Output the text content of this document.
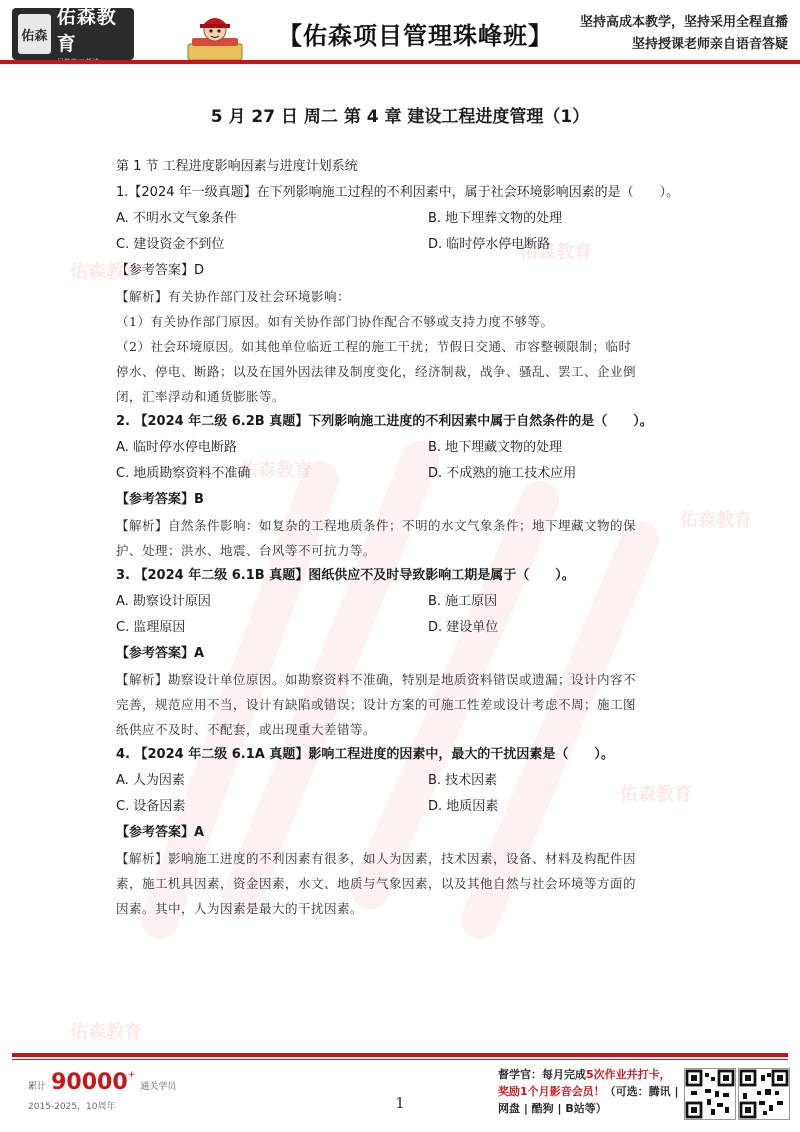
佑森
佑森教育	【佑森项目管理珠峰班】 坚持高成本教学，坚持采用全程直播
坚持授课老师亲自语音答疑
佑森教育
佑森教育
佑森教育
佑森教育
佑森教育
佑森教育
5 月 27 日 周二 第 4 章 建设工程进度管理（1）
第 1 节 工程进度影响因素与进度计划系统
1.【2024 年一级真题】在下列影响施工过程的不利因素中，属于社会环境影响因素的是（　　）。
A. 不明水文气象条件	B. 地下埋葬文物的处理
C. 建设资金不到位	D. 临时停水停电断路
【参考答案】D

【解析】有关协作部门及社会环境影响：

（1）有关协作部门原因。如有关协作部门协作配合不够或支持力度不够等。

（2）社会环境原因。如其他单位临近工程的施工干扰；节假日交通、市容整顿限制；临时

停水、停电、断路；以及在国外因法律及制度变化，经济制裁，战争、骚乱、罢工、企业倒

闭，汇率浮动和通货膨胀等。

2. 【2024 年二级 6.2B 真题】下列影响施工进度的不利因素中属于自然条件的是（　　）。
A. 临时停水停电断路	B. 地下埋藏文物的处理
C. 地质勘察资料不准确	D. 不成熟的施工技术应用
【参考答案】B

【解析】自然条件影响：如复杂的工程地质条件；不明的水文气象条件；地下埋藏文物的保

护、处理；洪水、地震、台风等不可抗力等。

3. 【2024 年二级 6.1B 真题】图纸供应不及时导致影响工期是属于（　　）。
A. 勘察设计原因	B. 施工原因
C. 监理原因	D. 建设单位
【参考答案】A

【解析】勘察设计单位原因。如勘察资料不准确，特别是地质资料错误或遗漏；设计内容不

完善，规范应用不当，设计有缺陷或错误；设计方案的可施工性差或设计考虑不周；施工图

纸供应不及时、不配套，或出现重大差错等。

4. 【2024 年二级 6.1A 真题】影响工程进度的因素中，最大的干扰因素是（　　）。
A. 人为因素	B. 技术因素
C. 设备因素	D. 地质因素
【参考答案】A

【解析】影响施工进度的不利因素有很多，如人为因素，技术因素，设备、材料及构配件因

素，施工机具因素，资金因素，水文、地质与气象因素，以及其他自然与社会环境等方面的

因素。其中，人为因素是最大的干扰因素。

累计 90000+ 通关学员
2015-2025，10周年	1
督学官：每月完成5次作业并打卡，
奖励1个月影音会员！（可选：腾讯 |
网盘 | 酷狗 | B站等）
